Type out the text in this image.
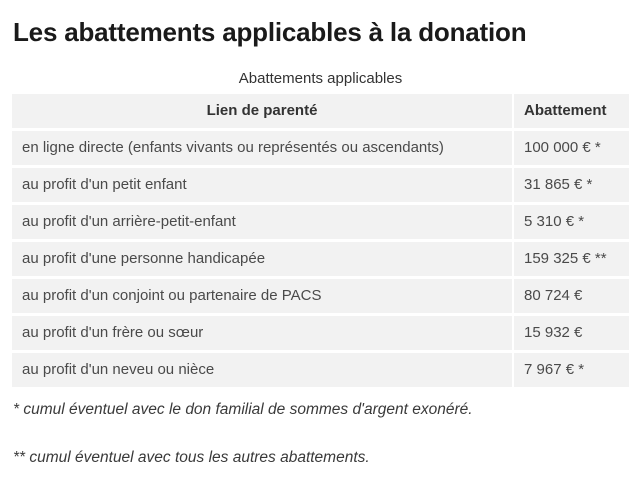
Les abattements applicables à la donation
Abattements applicables
Lien de parenté	Abattement
en ligne directe (enfants vivants ou représentés ou ascendants)	100 000 € *
au profit d'un petit enfant	31 865 € *
au profit d'un arrière-petit-enfant	5 310 € *
au profit d'une personne handicapée	159 325 € **
au profit d'un conjoint ou partenaire de PACS	80 724 €
au profit d'un frère ou sœur	15 932 €
au profit d'un neveu ou nièce	7 967 € *

* cumul éventuel avec le don familial de sommes d'argent exonéré.

** cumul éventuel avec tous les autres abattements.
